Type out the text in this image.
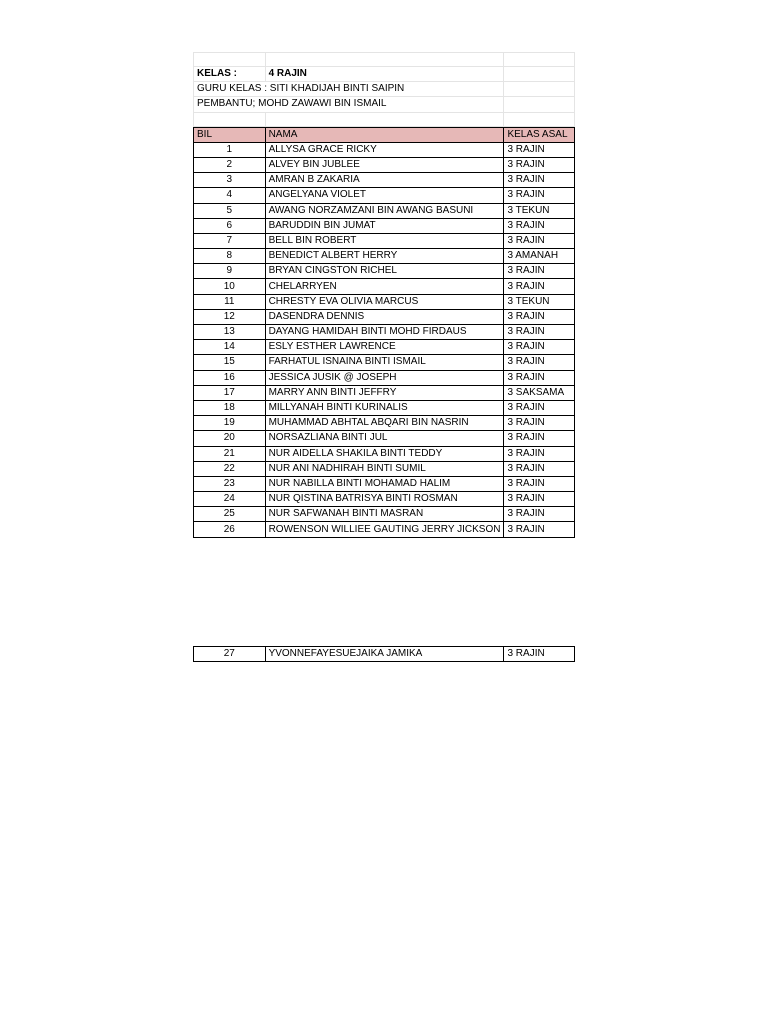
KELAS :	4 RAJIN	
GURU KELAS : SITI KHADIJAH BINTI SAIPIN		
PEMBANTU; MOHD ZAWAWI BIN ISMAIL		

BIL	NAMA	KELAS ASAL
1	ALLYSA GRACE RICKY	3 RAJIN
2	ALVEY BIN JUBLEE	3 RAJIN
3	AMRAN B ZAKARIA	3 RAJIN
4	ANGELYANA VIOLET	3 RAJIN
5	AWANG NORZAMZANI BIN AWANG BASUNI	3 TEKUN
6	BARUDDIN BIN JUMAT	3 RAJIN
7	BELL BIN ROBERT	3 RAJIN
8	BENEDICT ALBERT HERRY	3 AMANAH
9	BRYAN CINGSTON RICHEL	3 RAJIN
10	CHELARRYEN	3 RAJIN
11	CHRESTY EVA OLIVIA MARCUS	3 TEKUN
12	DASENDRA DENNIS	3 RAJIN
13	DAYANG HAMIDAH BINTI MOHD FIRDAUS	3 RAJIN
14	ESLY ESTHER LAWRENCE	3 RAJIN
15	FARHATUL ISNAINA BINTI ISMAIL	3 RAJIN
16	JESSICA JUSIK @ JOSEPH	3 RAJIN
17	MARRY ANN BINTI JEFFRY	3 SAKSAMA
18	MILLYANAH BINTI KURINALIS	3 RAJIN
19	MUHAMMAD ABHTAL ABQARI BIN NASRIN	3 RAJIN
20	NORSAZLIANA BINTI JUL	3 RAJIN
21	NUR AIDELLA SHAKILA BINTI TEDDY	3 RAJIN
22	NUR ANI NADHIRAH BINTI SUMIL	3 RAJIN
23	NUR NABILLA BINTI MOHAMAD HALIM	3 RAJIN
24	NUR QISTINA BATRISYA BINTI ROSMAN	3 RAJIN
25	NUR SAFWANAH BINTI MASRAN	3 RAJIN
26	ROWENSON WILLIEE GAUTING JERRY JICKSON	3 RAJIN
27	YVONNEFAYESUEJAIKA JAMIKA	3 RAJIN
